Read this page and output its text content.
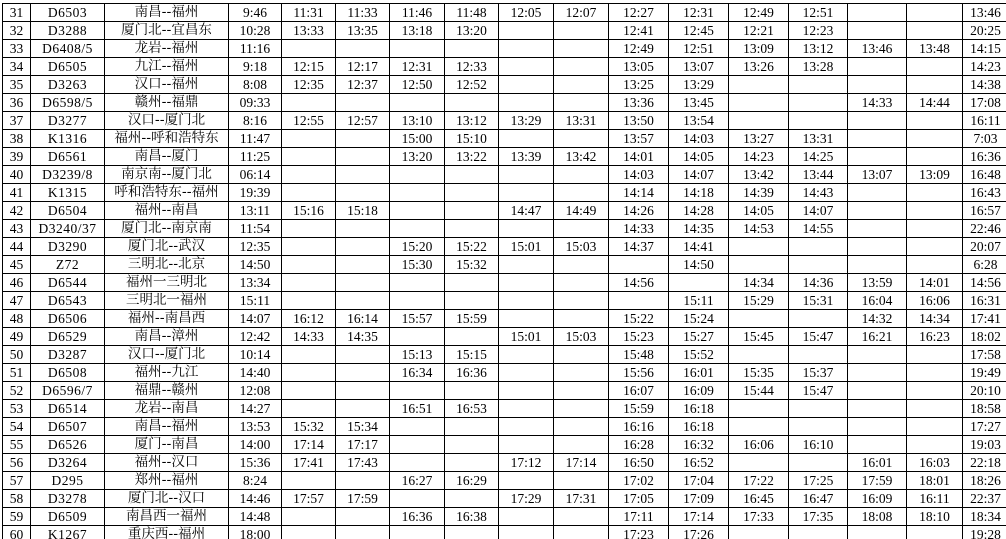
31	D6503	南昌--福州	9:46	11:31	11:33	11:46	11:48	12:05	12:07	12:27	12:31	12:49	12:51			13:46
32	D3288	厦门北--宜昌东	10:28	13:33	13:35	13:18	13:20			12:41	12:45	12:21	12:23			20:25
33	D6408/5	龙岩--福州	11:16							12:49	12:51	13:09	13:12	13:46	13:48	14:15
34	D6505	九江--福州	9:18	12:15	12:17	12:31	12:33			13:05	13:07	13:26	13:28			14:23
35	D3263	汉口--福州	8:08	12:35	12:37	12:50	12:52			13:25	13:29					14:38
36	D6598/5	赣州--福鼎	09:33							13:36	13:45			14:33	14:44	17:08
37	D3277	汉口--厦门北	8:16	12:55	12:57	13:10	13:12	13:29	13:31	13:50	13:54					16:11
38	K1316	福州--呼和浩特东	11:47			15:00	15:10			13:57	14:03	13:27	13:31			7:03
39	D6561	南昌--厦门	11:25			13:20	13:22	13:39	13:42	14:01	14:05	14:23	14:25			16:36
40	D3239/8	南京南--厦门北	06:14							14:03	14:07	13:42	13:44	13:07	13:09	16:48
41	K1315	呼和浩特东--福州	19:39							14:14	14:18	14:39	14:43			16:43
42	D6504	福州--南昌	13:11	15:16	15:18			14:47	14:49	14:26	14:28	14:05	14:07			16:57
43	D3240/37	厦门北--南京南	11:54							14:33	14:35	14:53	14:55			22:46
44	D3290	厦门北--武汉	12:35			15:20	15:22	15:01	15:03	14:37	14:41					20:07
45	Z72	三明北--北京	14:50			15:30	15:32				14:50					6:28
46	D6544	福州一三明北	13:34							14:56		14:34	14:36	13:59	14:01	14:56
47	D6543	三明北一福州	15:11								15:11	15:29	15:31	16:04	16:06	16:31
48	D6506	福州--南昌西	14:07	16:12	16:14	15:57	15:59			15:22	15:24			14:32	14:34	17:41
49	D6529	南昌--漳州	12:42	14:33	14:35			15:01	15:03	15:23	15:27	15:45	15:47	16:21	16:23	18:02
50	D3287	汉口--厦门北	10:14			15:13	15:15			15:48	15:52					17:58
51	D6508	福州--九江	14:40			16:34	16:36			15:56	16:01	15:35	15:37			19:49
52	D6596/7	福鼎--赣州	12:08							16:07	16:09	15:44	15:47			20:10
53	D6514	龙岩--南昌	14:27			16:51	16:53			15:59	16:18					18:58
54	D6507	南昌--福州	13:53	15:32	15:34					16:16	16:18					17:27
55	D6526	厦门--南昌	14:00	17:14	17:17					16:28	16:32	16:06	16:10			19:03
56	D3264	福州--汉口	15:36	17:41	17:43			17:12	17:14	16:50	16:52			16:01	16:03	22:18
57	D295	郑州--福州	8:24			16:27	16:29			17:02	17:04	17:22	17:25	17:59	18:01	18:26
58	D3278	厦门北--汉口	14:46	17:57	17:59			17:29	17:31	17:05	17:09	16:45	16:47	16:09	16:11	22:37
59	D6509	南昌西一福州	14:48			16:36	16:38			17:11	17:14	17:33	17:35	18:08	18:10	18:34
60	K1267	重庆西--福州	18:00							17:23	17:26					19:28
